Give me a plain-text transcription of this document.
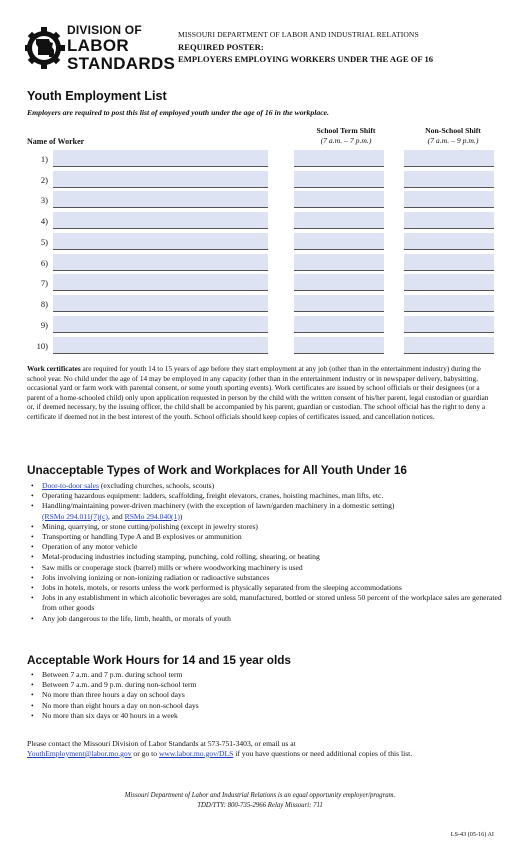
DIVISION OF
LABOR
STANDARDS
MISSOURI DEPARTMENT OF LABOR AND INDUSTRIAL RELATIONS
REQUIRED POSTER:
EMPLOYERS EMPLOYING WORKERS UNDER THE AGE OF 16
Youth Employment List
Employers are required to post this list of employed youth under the age of 16 in the workplace.
School Term Shift
(7 a.m. – 7 p.m.)
Non-School Shift
(7 a.m. – 9 p.m.)
Name of Worker
1)
2)
3)
4)
5)
6)
7)
8)
9)
10)
Work certificates are required for youth 14 to 15 years of age before they start employment at any job (other than in the entertainment industry) during the school year. No child under the age of 14 may be employed in any capacity (other than in the entertainment industry or in newspaper delivery, babysitting, occasional yard or farm work with parental consent, or some youth sporting events). Work certificates are issued by school officials or their designees (or a parent of a home-schooled child) only upon application requested in person by the child with the written consent of his/her parent, legal custodian or guardian or, if deemed necessary, by the issuing officer, the child shall be accompanied by his parent, guardian or custodian. The school official has the right to deny a certificate if deemed not in the best interest of the youth. School officials should keep copies of certificates issued, and cancellation notices.
Unacceptable Types of Work and Workplaces for All Youth Under 16
• Door-to-door sales (excluding churches, schools, scouts)
• Operating hazardous equipment: ladders, scaffolding, freight elevators, cranes, hoisting machines, man lifts, etc.
• Handling/maintaining power-driven machinery (with the exception of lawn/garden machinery in a domestic setting)
(RSMo 294.011(7)(c), and RSMo 294.040(1))
• Mining, quarrying, or stone cutting/polishing (except in jewelry stores)
• Transporting or handling Type A and B explosives or ammunition
• Operation of any motor vehicle
• Metal-producing industries including stamping, punching, cold rolling, shearing, or heating
• Saw mills or cooperage stock (barrel) mills or where woodworking machinery is used
• Jobs involving ionizing or non-ionizing radiation or radioactive substances
• Jobs in hotels, motels, or resorts unless the work performed is physically separated from the sleeping accommodations
• Jobs in any establishment in which alcoholic beverages are sold, manufactured, bottled or stored unless 50 percent of the workplace sales are generated from other goods
• Any job dangerous to the life, limb, health, or morals of youth
Acceptable Work Hours for 14 and 15 year olds
• Between 7 a.m. and 7 p.m. during school term
• Between 7 a.m. and 9 p.m. during non-school term
• No more than three hours a day on school days
• No more than eight hours a day on non-school days
• No more than six days or 40 hours in a week
Please contact the Missouri Division of Labor Standards at 573-751-3403, or email us at
YouthEmployment@labor.mo.gov or go to www.labor.mo.gov/DLS if you have questions or need additional copies of this list.
Missouri Department of Labor and Industrial Relations is an equal opportunity employer/program.
TDD/TTY: 800-735-2966 Relay Missouri: 711
LS-43 (05-16) AI
